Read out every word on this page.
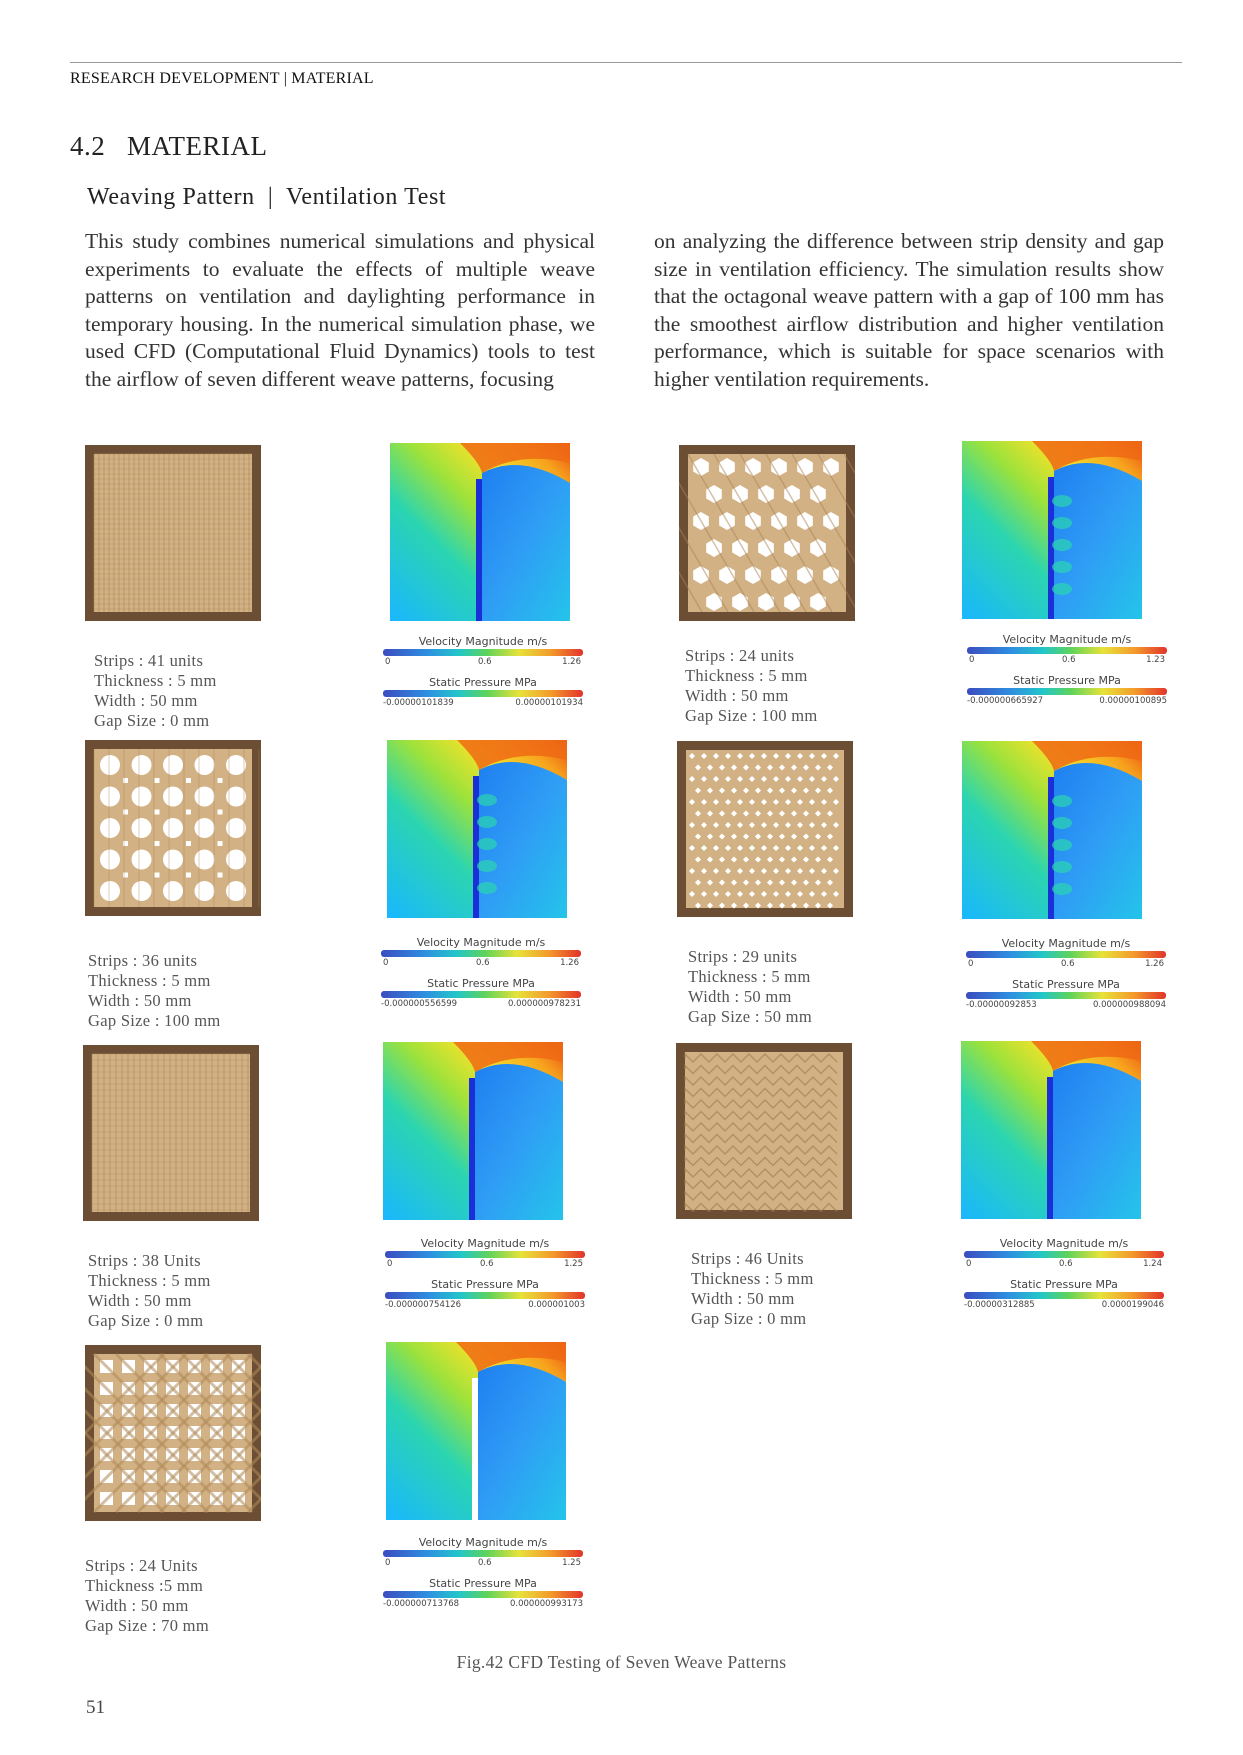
RESEARCH DEVELOPMENT | MATERIAL
4.2   MATERIAL
Weaving Pattern  |  Ventilation Test
This study combines numerical simulations and physical experiments to evaluate the effects of multiple weave patterns on ventilation and daylighting performance in temporary housing. In the numerical simulation phase, we used CFD (Computational Fluid Dynamics) tools to test the airflow of seven different weave patterns, focusing
on analyzing the difference between strip density and gap size in ventilation efficiency. The simulation results show that the octagonal weave pattern with a gap of 100 mm has the smoothest airflow distribution and higher ventilation performance, which is suitable for space scenarios with higher ventilation requirements.
Strips : 41 units
Thickness : 5 mm
Width : 50 mm
Gap Size : 0 mm
Velocity Magnitude m/s
0	0.6	1.26
Static Pressure MPa
-0.00000101839	0.00000101934
Strips : 24 units
Thickness : 5 mm
Width : 50 mm
Gap Size : 100 mm
Velocity Magnitude m/s
0	0.6	1.23
Static Pressure MPa
-0.000000665927	0.00000100895
Strips : 36 units
Thickness : 5 mm
Width : 50 mm
Gap Size : 100 mm
Velocity Magnitude m/s
0	0.6	1.26
Static Pressure MPa
-0.000000556599	0.000000978231
Strips : 29 units
Thickness : 5 mm
Width : 50 mm
Gap Size : 50 mm
Velocity Magnitude m/s
0	0.6	1.26
Static Pressure MPa
-0.00000092853	0.000000988094
Strips : 38 Units
Thickness : 5 mm
Width : 50 mm
Gap Size : 0 mm
Velocity Magnitude m/s
0	0.6	1.25
Static Pressure MPa
-0.000000754126	0.000001003
Strips : 46 Units
Thickness : 5 mm
Width : 50 mm
Gap Size : 0 mm
Velocity Magnitude m/s
0	0.6	1.24
Static Pressure MPa
-0.00000312885	0.0000199046
Strips : 24 Units
Thickness :5 mm
Width : 50 mm
Gap Size : 70 mm
Velocity Magnitude m/s
0	0.6	1.25
Static Pressure MPa
-0.000000713768	0.000000993173
Fig.42 CFD Testing of Seven Weave Patterns
51
